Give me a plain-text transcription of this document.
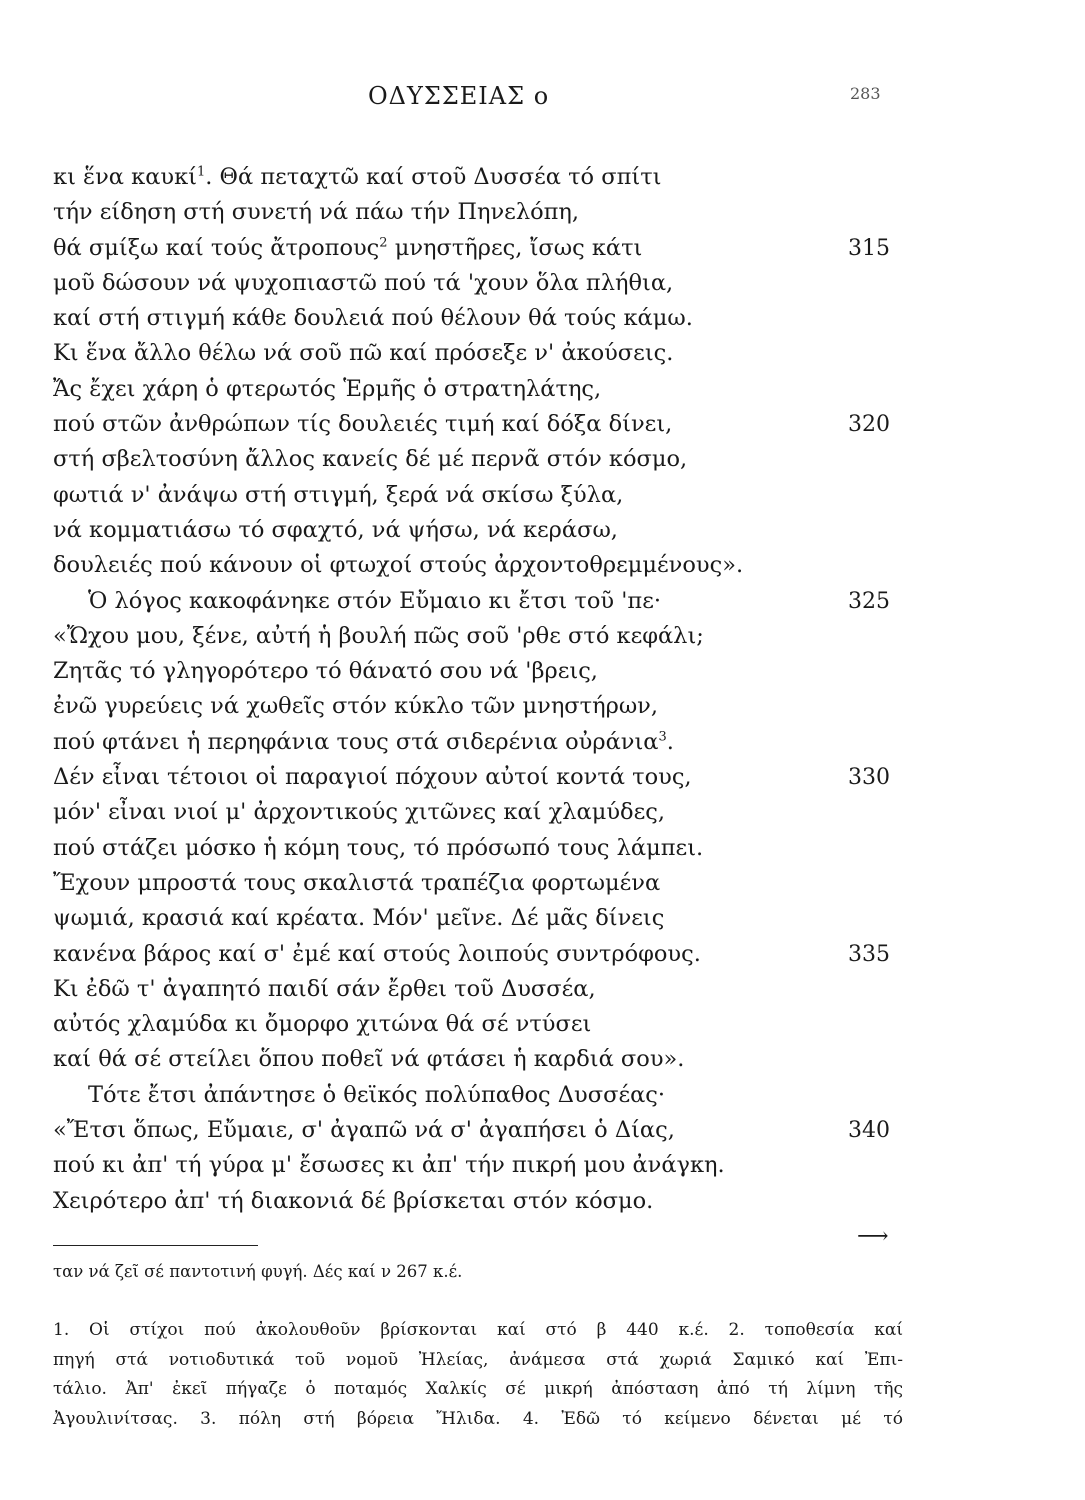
ΟΔΥΣΣΕΙΑΣ ο	283
κι ἕνα καυκί$^1$. Θά πεταχτῶ καί στοῦ Δυσσέα τό σπίτι
τήν είδηση στή συνετή νά πάω τήν Πηνελόπη,
θά σμίξω καί τούς ἄτροπους$^2$ μνηστῆρες, ἴσως κάτι	315
μοῦ δώσουν νά ψυχοπιαστῶ πού τά 'χουν ὅλα πλήθια,
καί στή στιγμή κάθε δουλειά πού θέλουν θά τούς κάμω.
Κι ἕνα ἄλλο θέλω νά σοῦ πῶ καί πρόσεξε ν' ἀκούσεις.
Ἄς ἔχει χάρη ὁ φτερωτός Ἑρμῆς ὁ στρατηλάτης,
πού στῶν ἀνθρώπων τίς δουλειές τιμή καί δόξα δίνει,	320
στή σβελτοσύνη ἄλλος κανείς δέ μέ περνᾶ στόν κόσμο,
φωτιά ν' ἀνάψω στή στιγμή, ξερά νά σκίσω ξύλα,
νά κομματιάσω τό σφαχτό, νά ψήσω, νά κεράσω,
δουλειές πού κάνουν οἱ φτωχοί στούς ἀρχοντοθρεμμένους».
Ὁ λόγος κακοφάνηκε στόν Εὔμαιο κι ἔτσι τοῦ 'πε·	325
«Ὤχου μου, ξένε, αὐτή ἡ βουλή πῶς σοῦ 'ρθε στό κεφάλι;
Ζητᾶς τό γληγορότερο τό θάνατό σου νά 'βρεις,
ἐνῶ γυρεύεις νά χωθεῖς στόν κύκλο τῶν μνηστήρων,
πού φτάνει ἡ περηφάνια τους στά σιδερένια οὐράνια$^3$.
Δέν εἶναι τέτοιοι οἱ παραγιοί πόχουν αὐτοί κοντά τους,	330
μόν' εἶναι νιοί μ' ἀρχοντικούς χιτῶνες καί χλαμύδες,
πού στάζει μόσκο ἡ κόμη τους, τό πρόσωπό τους λάμπει.
Ἔχουν μπροστά τους σκαλιστά τραπέζια φορτωμένα
ψωμιά, κρασιά καί κρέατα. Μόν' μεῖνε. Δέ μᾶς δίνεις
κανένα βάρος καί σ' ἐμέ καί στούς λοιπούς συντρόφους.	335
Κι ἐδῶ τ' ἀγαπητό παιδί σάν ἔρθει τοῦ Δυσσέα,
αὐτός χλαμύδα κι ὄμορφο χιτώνα θά σέ ντύσει
καί θά σέ στείλει ὅπου ποθεῖ νά φτάσει ἡ καρδιά σου».
Τότε ἔτσι ἀπάντησε ὁ θεϊκός πολύπαθος Δυσσέας·
«Ἔτσι ὅπως, Εὔμαιε, σ' ἀγαπῶ νά σ' ἀγαπήσει ὁ Δίας,	340
πού κι ἀπ' τή γύρα μ' ἔσωσες κι ἀπ' τήν πικρή μου ἀνάγκη.
Χειρότερο ἀπ' τή διακονιά δέ βρίσκεται στόν κόσμο.
⟶
ταν νά ζεῖ σέ παντοτινή φυγή. Δές καί ν 267 κ.έ.
1. Οἱ στίχοι πού ἀκολουθοῦν βρίσκονται καί στό β 440 κ.έ. 2. τοποθεσία καί
πηγή στά νοτιοδυτικά τοῦ νομοῦ Ἠλείας, ἀνάμεσα στά χωριά Σαμικό καί Ἐπι-
τάλιο. Ἀπ' ἐκεῖ πήγαζε ὁ ποταμός Χαλκίς σέ μικρή ἀπόσταση ἀπό τή λίμνη τῆς
Ἀγουλινίτσας. 3. πόλη στή βόρεια Ἤλιδα. 4. Ἐδῶ τό κείμενο δένεται μέ τό
